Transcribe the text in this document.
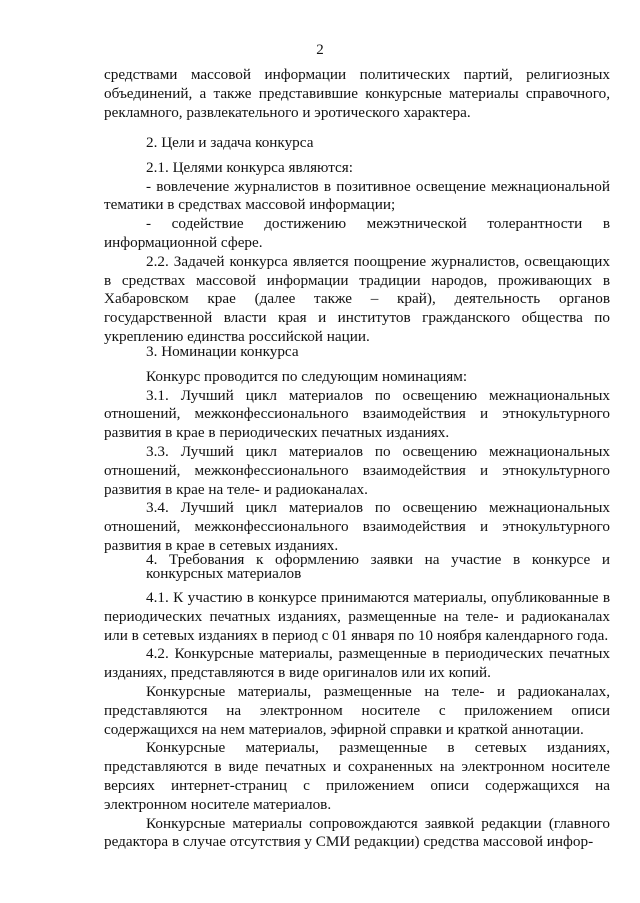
2

средствами массовой информации политических партий, религиозных объединений, а также представившие конкурсные материалы справочного, рекламного, развлекательного и эротического характера.

2. Цели и задача конкурса

2.1. Целями конкурса являются:

- вовлечение журналистов в позитивное освещение межнациональной тематики в средствах массовой информации;

- содействие достижению межэтнической толерантности в информационной сфере.

2.2. Задачей конкурса является поощрение журналистов, освещающих в средствах массовой информации традиции народов, проживающих в Хабаровском крае (далее также – край), деятельность органов государственной власти края и институтов гражданского общества по укреплению единства российской нации.

3. Номинации конкурса

Конкурс проводится по следующим номинациям:

3.1. Лучший цикл материалов по освещению межнациональных отношений, межконфессионального взаимодействия и этнокультурного развития в крае в периодических печатных изданиях.

3.3. Лучший цикл материалов по освещению межнациональных отношений, межконфессионального взаимодействия и этнокультурного развития в крае на теле- и радиоканалах.

3.4. Лучший цикл материалов по освещению межнациональных отношений, межконфессионального взаимодействия и этнокультурного развития в крае в сетевых изданиях.

4. Требования к оформлению заявки на участие в конкурсе и конкурсных материалов

4.1. К участию в конкурсе принимаются материалы, опубликованные в периодических печатных изданиях, размещенные на теле- и радиоканалах или в сетевых изданиях в период с 01 января по 10 ноября календарного года.

4.2. Конкурсные материалы, размещенные в периодических печатных изданиях, представляются в виде оригиналов или их копий.

Конкурсные материалы, размещенные на теле- и радиоканалах, представляются на электронном носителе с приложением описи содержащихся на нем материалов, эфирной справки и краткой аннотации.

Конкурсные материалы, размещенные в сетевых изданиях, представляются в виде печатных и сохраненных на электронном носителе версиях интернет-страниц с приложением описи содержащихся на электронном носителе материалов.

Конкурсные материалы сопровождаются заявкой редакции (главного редактора в случае отсутствия у СМИ редакции) средства массовой инфор-
